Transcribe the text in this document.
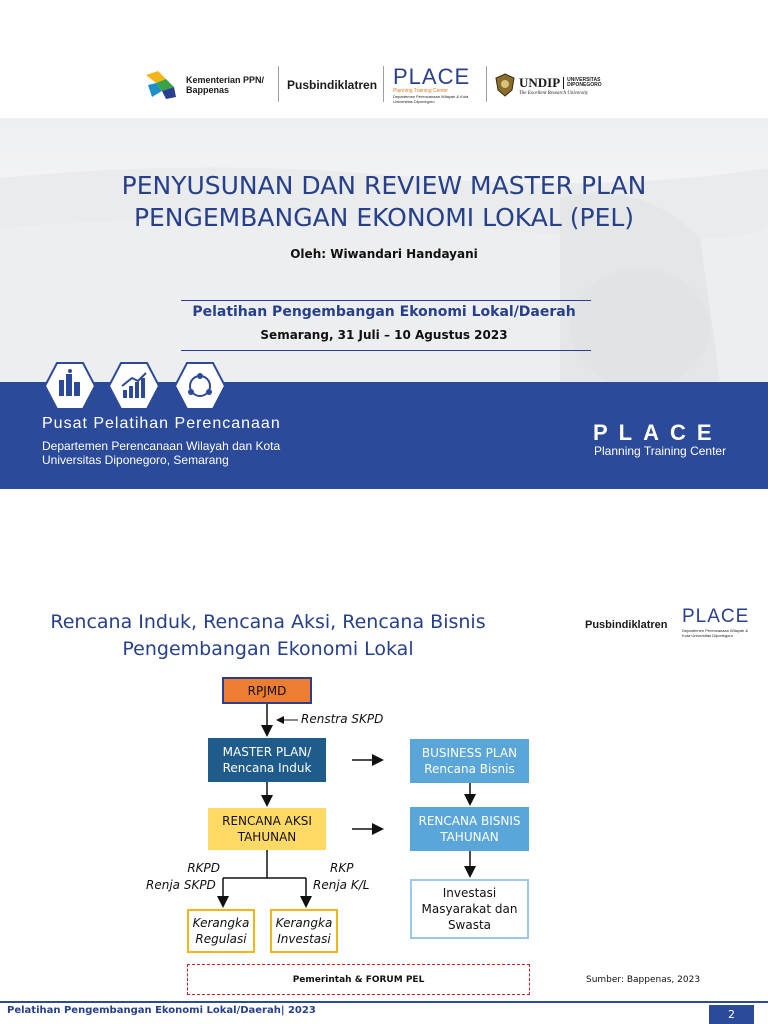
Kementerian PPN/
Bappenas	Pusbindiklatren PLACE
Planning Training Center
Departemen Perencanaan Wilayah & Kota Universitas Diponegoro
UNDIP UNIVERSITAS DIPONEGORO
The Excellent Research University
PENYUSUNAN DAN REVIEW MASTER PLAN
PENGEMBANGAN EKONOMI LOKAL (PEL)
Oleh: Wiwandari Handayani
Pelatihan Pengembangan Ekonomi Lokal/Daerah
Semarang, 31 Juli – 10 Agustus 2023
Pusat Pelatihan Perencanaan
Departemen Perencanaan Wilayah dan Kota
Universitas Diponegoro, Semarang
PLACE
Planning Training Center
Rencana Induk, Rencana Aksi, Rencana Bisnis
Pengembangan Ekonomi Lokal
Pusbindiklatren PLACE
Departemen Perencanaan Wilayah & Kota Universitas Diponegoro
RPJMD
Renstra SKPD
MASTER PLAN/
Rencana Induk
RENCANA AKSI
TAHUNAN
RKPD
Renja SKPD
RKP
Renja K/L
Kerangka
Regulasi
Kerangka
Investasi
BUSINESS PLAN
Rencana Bisnis
RENCANA BISNIS
TAHUNAN
Investasi
Masyarakat dan
Swasta
Pemerintah & FORUM PEL	Sumber: Bappenas, 2023
Pelatihan Pengembangan Ekonomi Lokal/Daerah| 2023	2
